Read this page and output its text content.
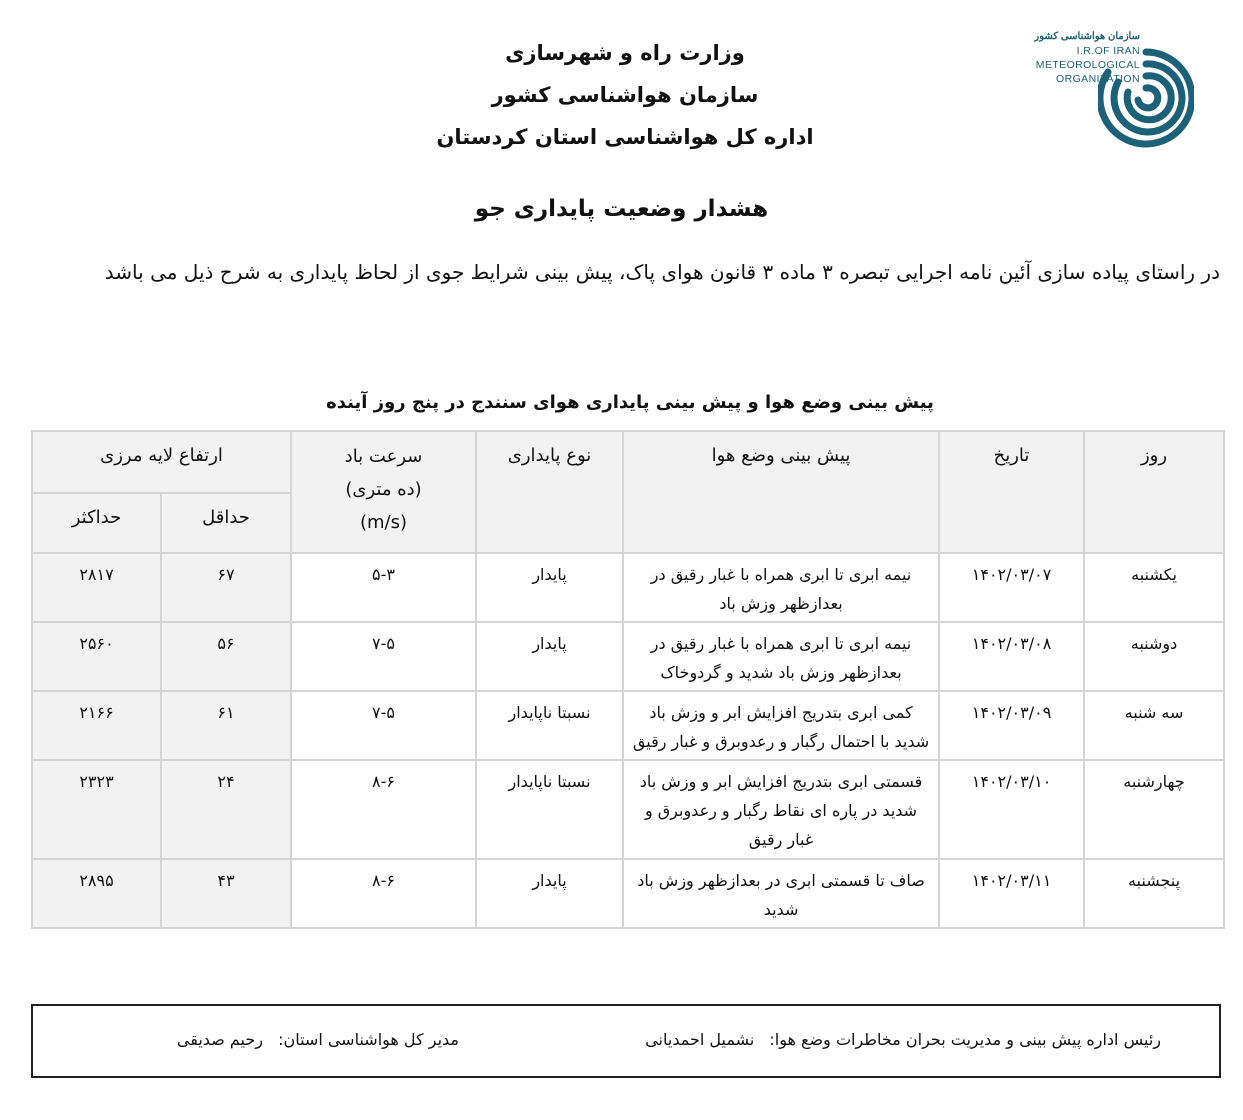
وزارت راه و شهرسازی
سازمان هواشناسی کشور
اداره کل هواشناسی استان کردستان
سازمان هواشناسی کشور
I.R.OF IRAN
METEOROLOGICAL
ORGANIZATION
هشدار وضعیت پایداری جو
در راستای پیاده سازی آئین نامه اجرایی تبصره ۳ ماده ۳ قانون هوای پاک، پیش بینی شرایط جوی از لحاظ پایداری به شرح ذیل می باشد
پیش بینی وضع هوا و پیش بینی پایداری هوای سنندج در پنج روز آینده
روز	تاریخ	پیش بینی وضع هوا	نوع پایداری	سرعت باد
(ده متری)
(m/s)	ارتفاع لایه مرزی	
					حداقل	حداکثر
یکشنبه	۱۴۰۲/۰۳/۰۷	نیمه ابری تا ابری همراه با غبار رقیق در بعدازظهر وزش باد	پایدار	۵-۳	۶۷	۲۸۱۷
دوشنبه	۱۴۰۲/۰۳/۰۸	نیمه ابری تا ابری همراه با غبار رقیق در بعدازظهر وزش باد شدید و گردوخاک	پایدار	۷-۵	۵۶	۲۵۶۰
سه شنبه	۱۴۰۲/۰۳/۰۹	کمی ابری بتدریج افزایش ابر و وزش باد شدید با احتمال رگبار و رعدوبرق و غبار رقیق	نسبتا ناپایدار	۷-۵	۶۱	۲۱۶۶
چهارشنبه	۱۴۰۲/۰۳/۱۰	قسمتی ابری بتدریج افزایش ابر و وزش باد شدید در پاره ای نقاط رگبار و رعدوبرق و غبار رقیق	نسبتا ناپایدار	۸-۶	۲۴	۲۳۲۳
پنجشنبه	۱۴۰۲/۰۳/۱۱	صاف تا قسمتی ابری در بعدازظهر وزش باد شدید	پایدار	۸-۶	۴۳	۲۸۹۵
رئیس اداره پیش بینی و مدیریت بحران مخاطرات وضع هوا: نشمیل احمدیانی
مدیر کل هواشناسی استان: رحیم صدیقی
